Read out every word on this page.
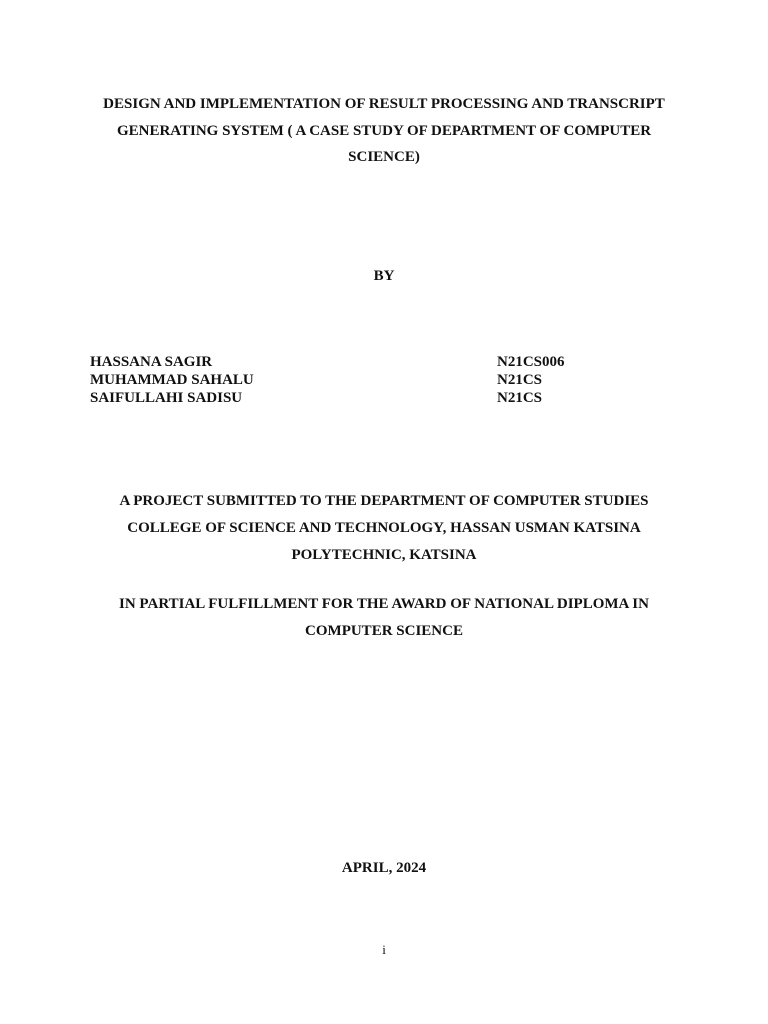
DESIGN AND IMPLEMENTATION OF RESULT PROCESSING AND TRANSCRIPT
GENERATING SYSTEM ( A CASE STUDY OF DEPARTMENT OF COMPUTER
SCIENCE)
BY
HASSANA SAGIR	N21CS006
MUHAMMAD SAHALU	N21CS
SAIFULLAHI SADISU	N21CS
A PROJECT SUBMITTED TO THE DEPARTMENT OF COMPUTER STUDIES
COLLEGE OF SCIENCE AND TECHNOLOGY, HASSAN USMAN KATSINA
POLYTECHNIC, KATSINA
IN PARTIAL FULFILLMENT FOR THE AWARD OF NATIONAL DIPLOMA IN
COMPUTER SCIENCE
APRIL, 2024
i
